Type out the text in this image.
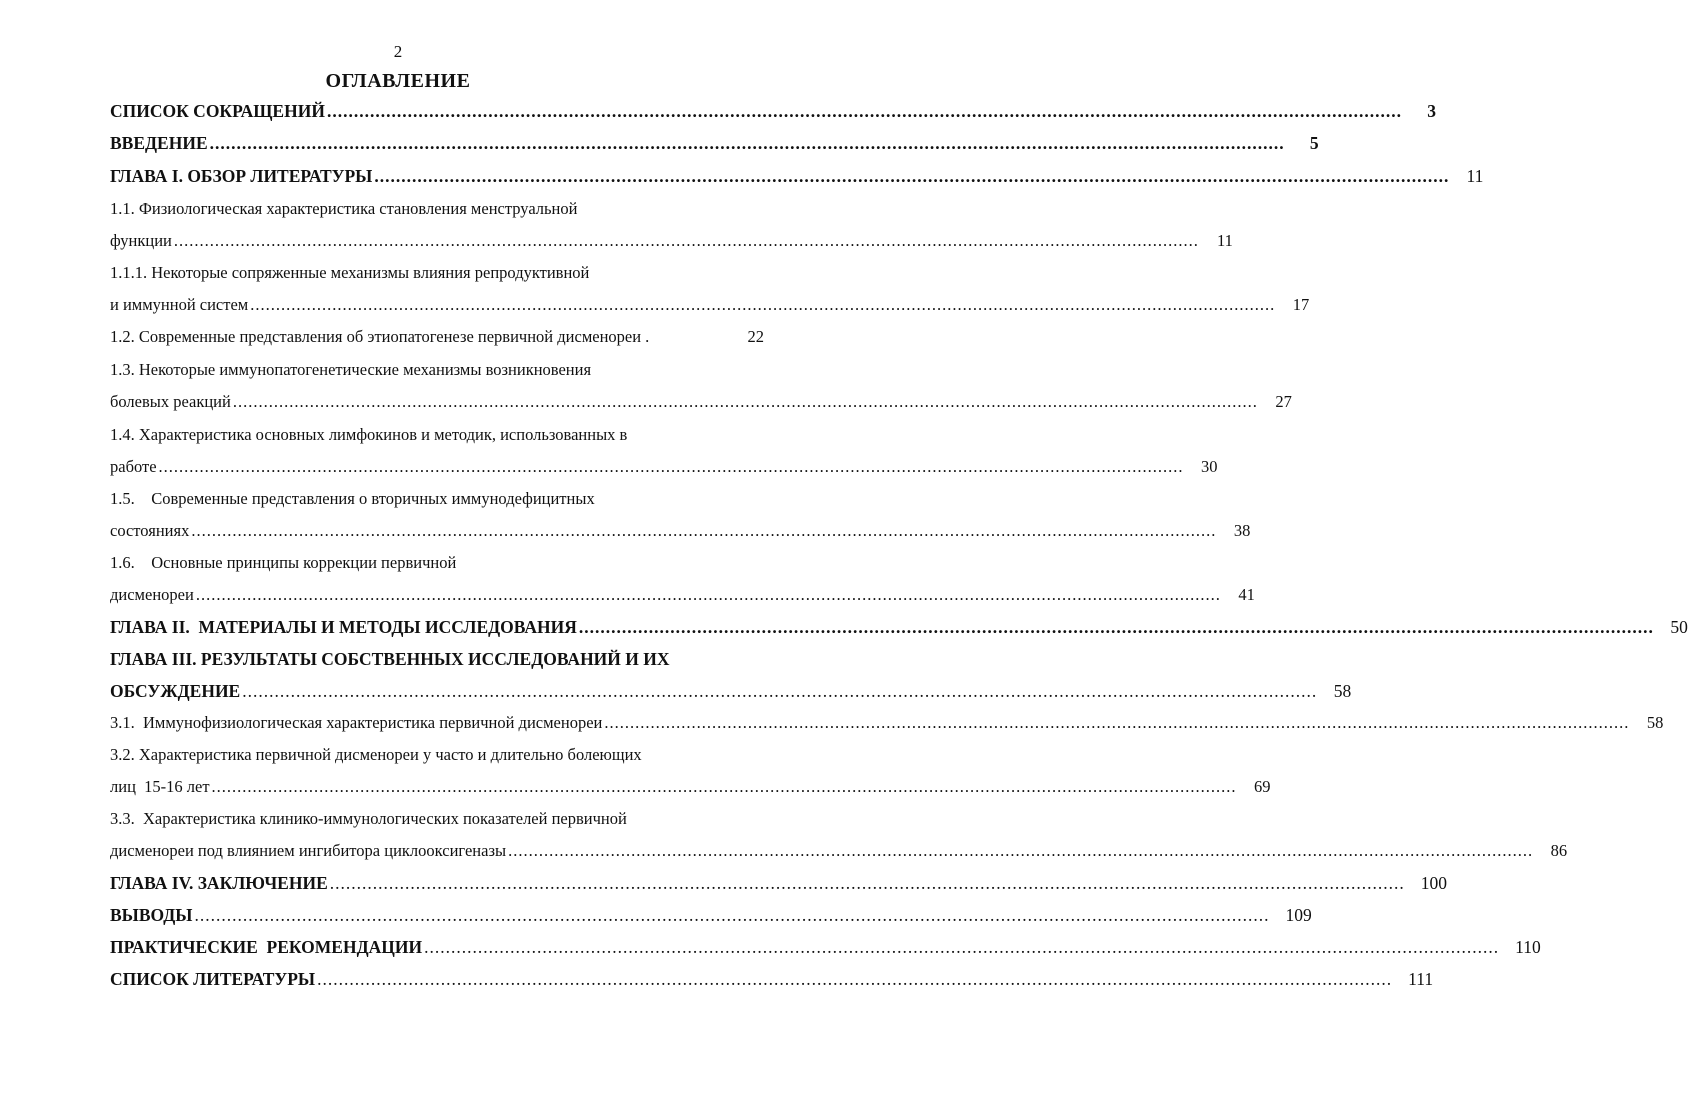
2
ОГЛАВЛЕНИЕ
СПИСОК СОКРАЩЕНИЙ ........................................................................................................................................................................................................	3
ВВЕДЕНИЕ ........................................................................................................................................................................................................	5
ГЛАВА I. ОБЗОР ЛИТЕРАТУРЫ ........................................................................................................................................................................................................ 11
1.1. Физиологическая характеристика становления менструальной
функции ........................................................................................................................................................................................................ 11
1.1.1. Некоторые сопряженные механизмы влияния репродуктивной
и иммунной систем ........................................................................................................................................................................................................ 17
1.2. Современные представления об этиопатогенезе первичной дисменореи .	22
1.3. Некоторые иммунопатогенетические механизмы возникновения
болевых реакций ........................................................................................................................................................................................................ 27
1.4. Характеристика основных лимфокинов и методик, использованных в
работе ........................................................................................................................................................................................................ 30
1.5.    Современные представления о вторичных иммунодефицитных
состояниях ........................................................................................................................................................................................................ 38
1.6.    Основные принципы коррекции первичной
дисменореи ........................................................................................................................................................................................................ 41
ГЛАВА II.  МАТЕРИАЛЫ И МЕТОДЫ ИССЛЕДОВАНИЯ ........................................................................................................................................................................................................ 50
ГЛАВА III. РЕЗУЛЬТАТЫ СОБСТВЕННЫХ ИССЛЕДОВАНИЙ И ИХ
ОБСУЖДЕНИЕ ........................................................................................................................................................................................................ 58
3.1.  Иммунофизиологическая характеристика первичной дисменореи ........................................................................................................................................................................................................ 58
3.2. Характеристика первичной дисменореи у часто и длительно болеющих
лиц  15-16 лет ........................................................................................................................................................................................................ 69
3.3.  Характеристика клинико-иммунологических показателей первичной
дисменореи под влиянием ингибитора циклооксигеназы ........................................................................................................................................................................................................ 86
ГЛАВА IV. ЗАКЛЮЧЕНИЕ ........................................................................................................................................................................................................ 100
ВЫВОДЫ ........................................................................................................................................................................................................ 109
ПРАКТИЧЕСКИЕ  РЕКОМЕНДАЦИИ ........................................................................................................................................................................................................ 110
СПИСОК ЛИТЕРАТУРЫ ........................................................................................................................................................................................................ 111
